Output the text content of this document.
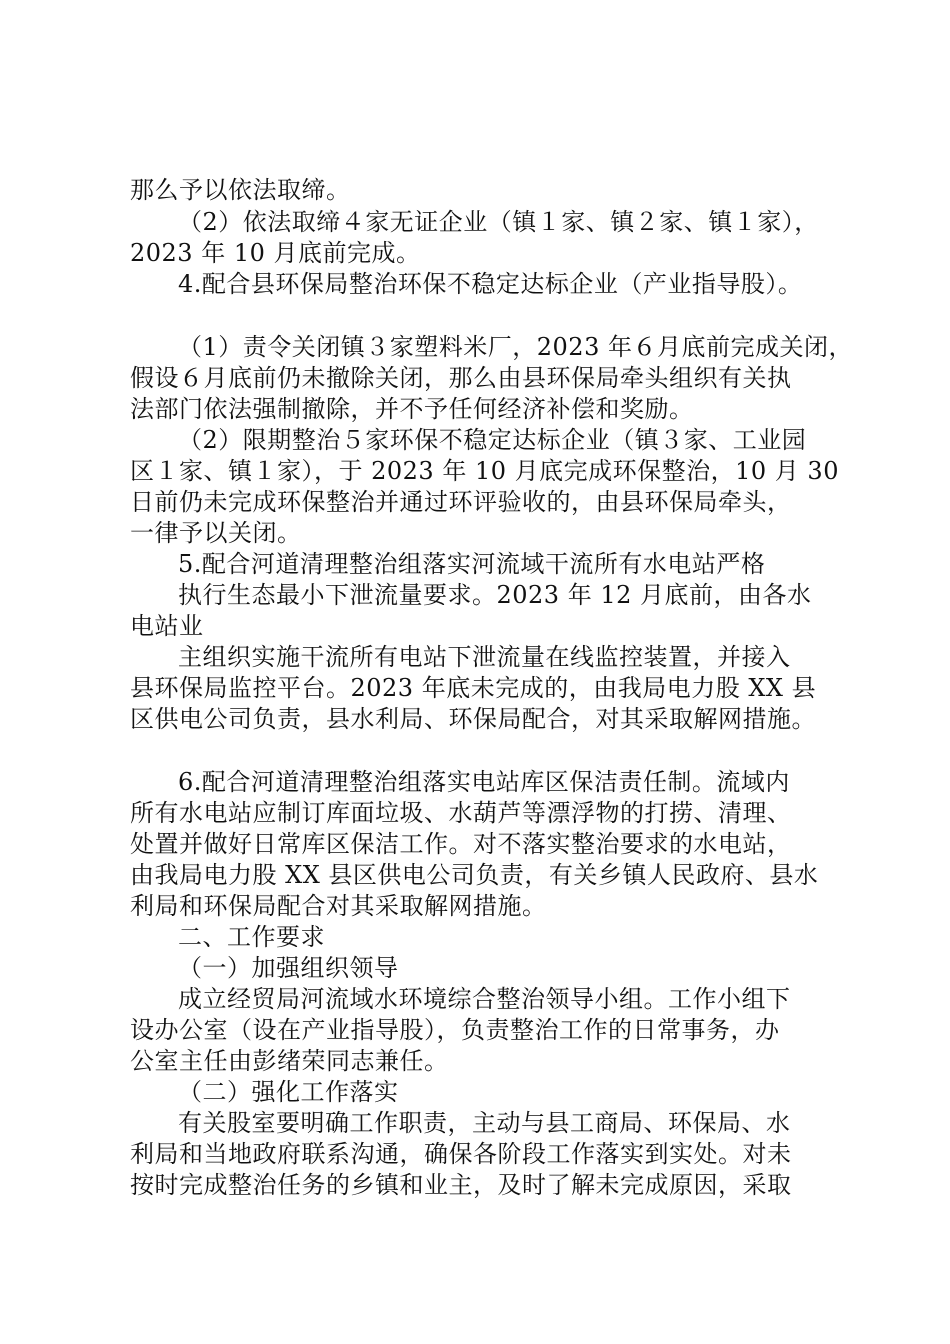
那么予以依法取缔。

（2）依法取缔４家无证企业（镇１家、镇２家、镇１家），

2023 年 10 月底前完成。

4.配合县环保局整治环保不稳定达标企业（产业指导股）。

（1）责令关闭镇３家塑料米厂，2023 年６月底前完成关闭，

假设６月底前仍未撤除关闭，那么由县环保局牵头组织有关执

法部门依法强制撤除，并不予任何经济补偿和奖励。

（2）限期整治５家环保不稳定达标企业（镇３家、工业园

区１家、镇１家），于 2023 年 10 月底完成环保整治，10 月 30

日前仍未完成环保整治并通过环评验收的，由县环保局牵头，

一律予以关闭。

5.配合河道清理整治组落实河流域干流所有水电站严格

执行生态最小下泄流量要求。2023 年 12 月底前，由各水

电站业

主组织实施干流所有电站下泄流量在线监控装置，并接入

县环保局监控平台。2023 年底未完成的，由我局电力股 XX 县

区供电公司负责，县水利局、环保局配合，对其采取解网措施。

6.配合河道清理整治组落实电站库区保洁责任制。流域内

所有水电站应制订库面垃圾、水葫芦等漂浮物的打捞、清理、

处置并做好日常库区保洁工作。对不落实整治要求的水电站，

由我局电力股 XX 县区供电公司负责，有关乡镇人民政府、县水

利局和环保局配合对其采取解网措施。

二、工作要求

（一）加强组织领导

成立经贸局河流域水环境综合整治领导小组。工作小组下

设办公室（设在产业指导股），负责整治工作的日常事务，办

公室主任由彭绪荣同志兼任。

（二）强化工作落实

有关股室要明确工作职责，主动与县工商局、环保局、水

利局和当地政府联系沟通，确保各阶段工作落实到实处。对未

按时完成整治任务的乡镇和业主，及时了解未完成原因，采取
